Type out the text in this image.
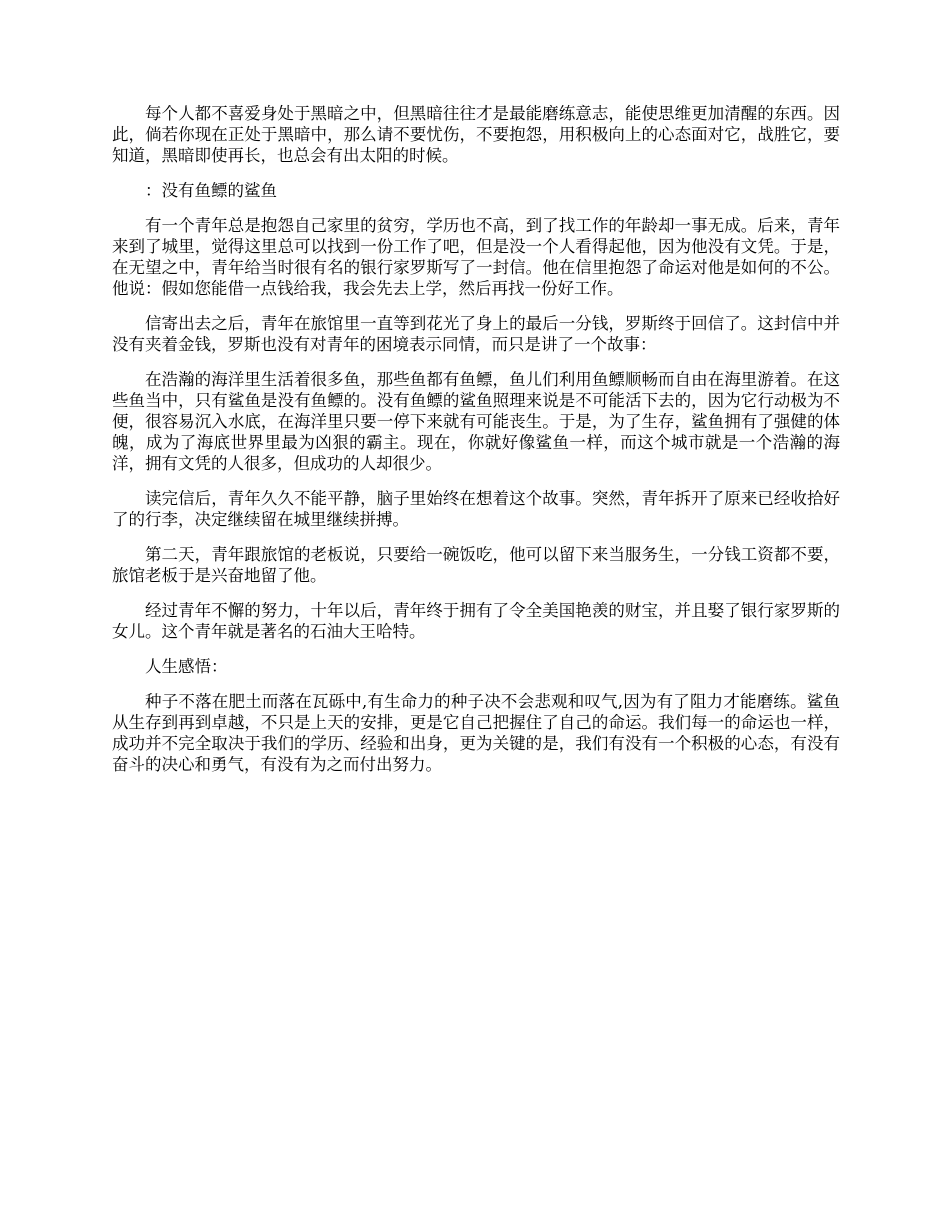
每个人都不喜爱身处于黑暗之中，但黑暗往往才是最能磨练意志，能使思维更加清醒的东西。因此，倘若你现在正处于黑暗中，那么请不要忧伤，不要抱怨，用积极向上的心态面对它，战胜它，要知道，黑暗即使再长，也总会有出太阳的时候。

：没有鱼鳔的鲨鱼

有一个青年总是抱怨自己家里的贫穷，学历也不高，到了找工作的年龄却一事无成。后来，青年来到了城里，觉得这里总可以找到一份工作了吧，但是没一个人看得起他，因为他没有文凭。于是，在无望之中，青年给当时很有名的银行家罗斯写了一封信。他在信里抱怨了命运对他是如何的不公。他说：假如您能借一点钱给我，我会先去上学，然后再找一份好工作。

信寄出去之后，青年在旅馆里一直等到花光了身上的最后一分钱，罗斯终于回信了。这封信中并没有夹着金钱，罗斯也没有对青年的困境表示同情，而只是讲了一个故事：

在浩瀚的海洋里生活着很多鱼，那些鱼都有鱼鳔，鱼儿们利用鱼鳔顺畅而自由在海里游着。在这些鱼当中，只有鲨鱼是没有鱼鳔的。没有鱼鳔的鲨鱼照理来说是不可能活下去的，因为它行动极为不便，很容易沉入水底，在海洋里只要一停下来就有可能丧生。于是，为了生存，鲨鱼拥有了强健的体魄，成为了海底世界里最为凶狠的霸主。现在，你就好像鲨鱼一样，而这个城市就是一个浩瀚的海洋，拥有文凭的人很多，但成功的人却很少。

读完信后，青年久久不能平静，脑子里始终在想着这个故事。突然，青年拆开了原来已经收拾好了的行李，决定继续留在城里继续拼搏。

第二天，青年跟旅馆的老板说，只要给一碗饭吃，他可以留下来当服务生，一分钱工资都不要，旅馆老板于是兴奋地留了他。

经过青年不懈的努力，十年以后，青年终于拥有了令全美国艳羡的财宝，并且娶了银行家罗斯的女儿。这个青年就是著名的石油大王哈特。

人生感悟：

种子不落在肥土而落在瓦砾中,有生命力的种子决不会悲观和叹气,因为有了阻力才能磨练。鲨鱼从生存到再到卓越，不只是上天的安排，更是它自己把握住了自己的命运。我们每一的命运也一样，成功并不完全取决于我们的学历、经验和出身，更为关键的是，我们有没有一个积极的心态，有没有奋斗的决心和勇气，有没有为之而付出努力。
